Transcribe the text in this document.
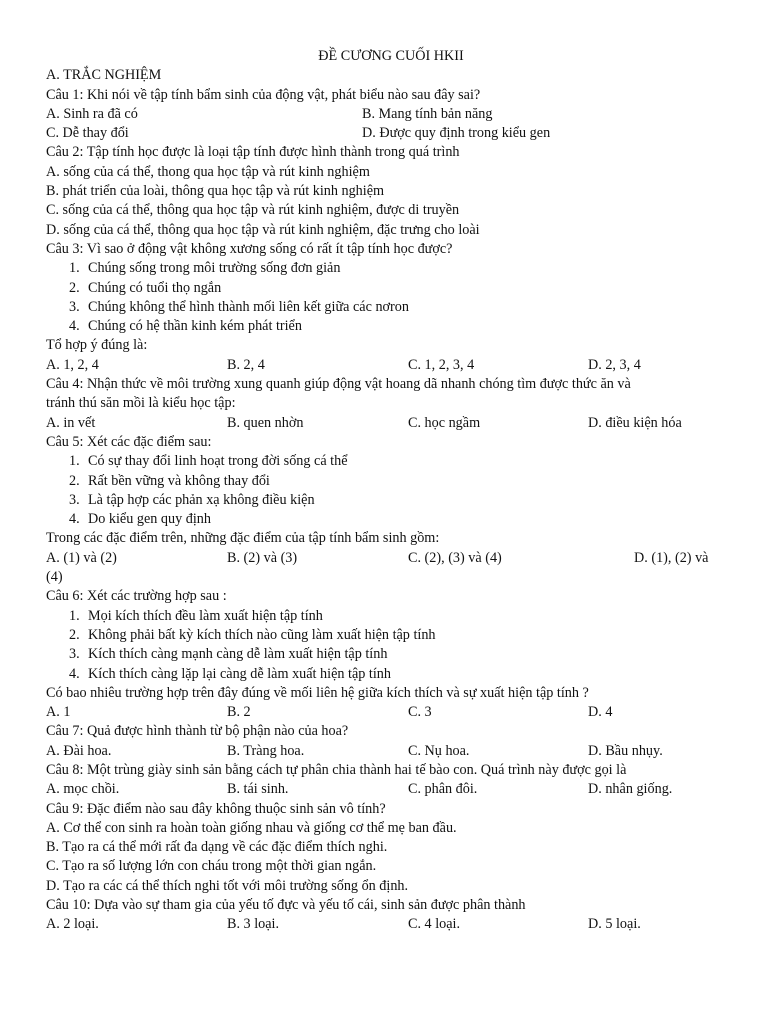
ĐỀ CƯƠNG CUỐI HKII
A. TRẮC NGHIỆM
Câu 1: Khi nói về tập tính bẩm sinh của động vật, phát biểu nào sau đây sai?
A. Sinh ra đã có	B. Mang tính bản năng
C. Dễ thay đổi	D. Được quy định trong kiểu gen
Câu 2: Tập tính học được là loại tập tính được hình thành trong quá trình
A. sống của cá thể, thong qua học tập và rút kinh nghiệm
B. phát triển của loài, thông qua học tập và rút kinh nghiệm
C. sống của cá thể, thông qua học tập và rút kinh nghiệm, được di truyền
D. sống của cá thể, thông qua học tập và rút kinh nghiệm, đặc trưng cho loài
Câu 3: Vì sao ở động vật không xương sống có rất ít tập tính học được?
1. Chúng sống trong môi trường sống đơn giản
2. Chúng có tuổi thọ ngắn
3. Chúng không thể hình thành mối liên kết giữa các nơron
4. Chúng có hệ thần kinh kém phát triển
Tổ hợp ý đúng là:
A. 1, 2, 4	B. 2, 4	C. 1, 2, 3, 4	D. 2, 3, 4
Câu 4: Nhận thức về môi trường xung quanh giúp động vật hoang dã nhanh chóng tìm được thức ăn và
tránh thú săn mồi là kiểu học tập:
A. in vết	B. quen nhờn	C. học ngầm	D. điều kiện hóa
Câu 5: Xét các đặc điểm sau:
1. Có sự thay đổi linh hoạt trong đời sống cá thể
2. Rất bền vững và không thay đổi
3. Là tập hợp các phản xạ không điều kiện
4. Do kiểu gen quy định
Trong các đặc điểm trên, những đặc điểm của tập tính bẩm sinh gồm:
A. (1) và (2)	B. (2) và (3)	C. (2), (3) và (4)	D. (1), (2) và
(4)
Câu 6: Xét các trường hợp sau :
1. Mọi kích thích đều làm xuất hiện tập tính
2. Không phải bất kỳ kích thích nào cũng làm xuất hiện tập tính
3. Kích thích càng mạnh càng dễ làm xuất hiện tập tính
4. Kích thích càng lặp lại càng dễ làm xuất hiện tập tính
Có bao nhiêu trường hợp trên đây đúng về mối liên hệ giữa kích thích và sự xuất hiện tập tính ?
A. 1	B. 2	C. 3	D. 4
Câu 7: Quả được hình thành từ bộ phận nào của hoa?
A. Đài hoa.	B. Tràng hoa.	C. Nụ hoa.	D. Bầu nhụy.
Câu 8: Một trùng giày sinh sản bằng cách tự phân chia thành hai tế bào con. Quá trình này được gọi là
A. mọc chồi.	B. tái sinh.	C. phân đôi.	D. nhân giống.
Câu 9: Đặc điểm nào sau đây không thuộc sinh sản vô tính?
A. Cơ thể con sinh ra hoàn toàn giống nhau và giống cơ thể mẹ ban đầu.
B. Tạo ra cá thể mới rất đa dạng về các đặc điểm thích nghi.
C. Tạo ra số lượng lớn con cháu trong một thời gian ngắn.
D. Tạo ra các cá thể thích nghi tốt với môi trường sống ổn định.
Câu 10: Dựa vào sự tham gia của yếu tố đực và yếu tố cái, sinh sản được phân thành
A. 2 loại.	B. 3 loại.	C. 4 loại.	D. 5 loại.
